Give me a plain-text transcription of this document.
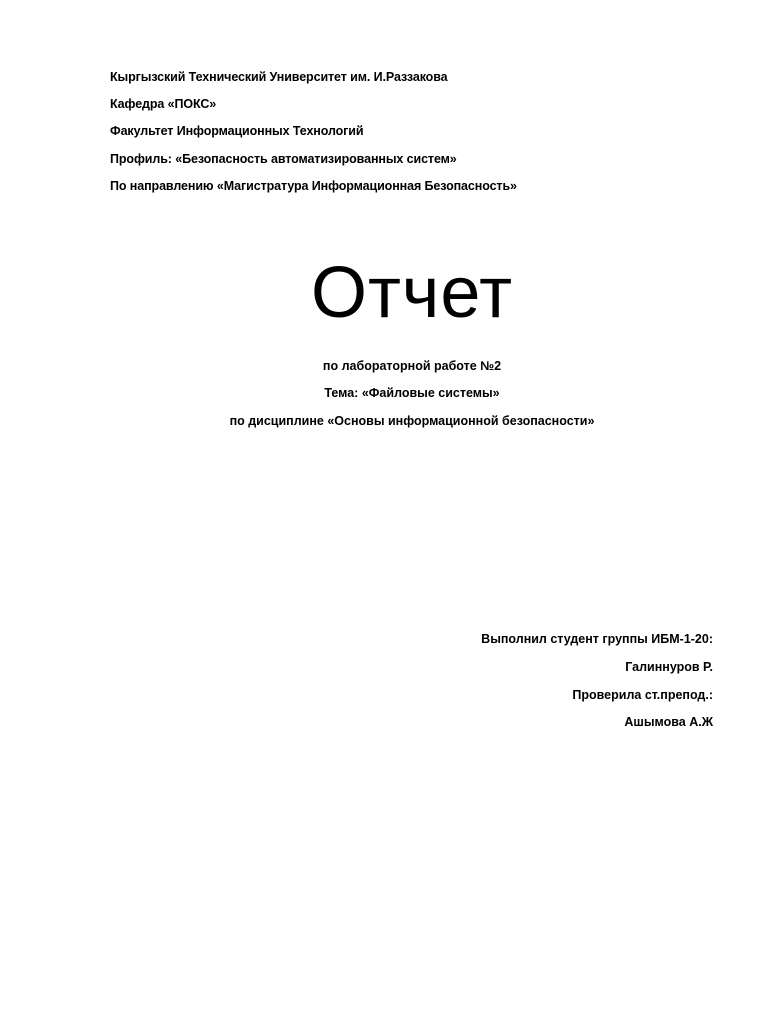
Кыргызский Технический Университет им. И.Раззакова
Кафедра «ПОКС»
Факультет Информационных Технологий
Профиль: «Безопасность автоматизированных систем»
По направлению «Магистратура Информационная Безопасность»
Отчет
по лабораторной работе №2
Тема: «Файловые системы»
по дисциплине «Основы информационной безопасности»
Выполнил студент группы ИБМ-1-20:
Галиннуров Р.
Проверила ст.препод.:
Ашымова А.Ж
